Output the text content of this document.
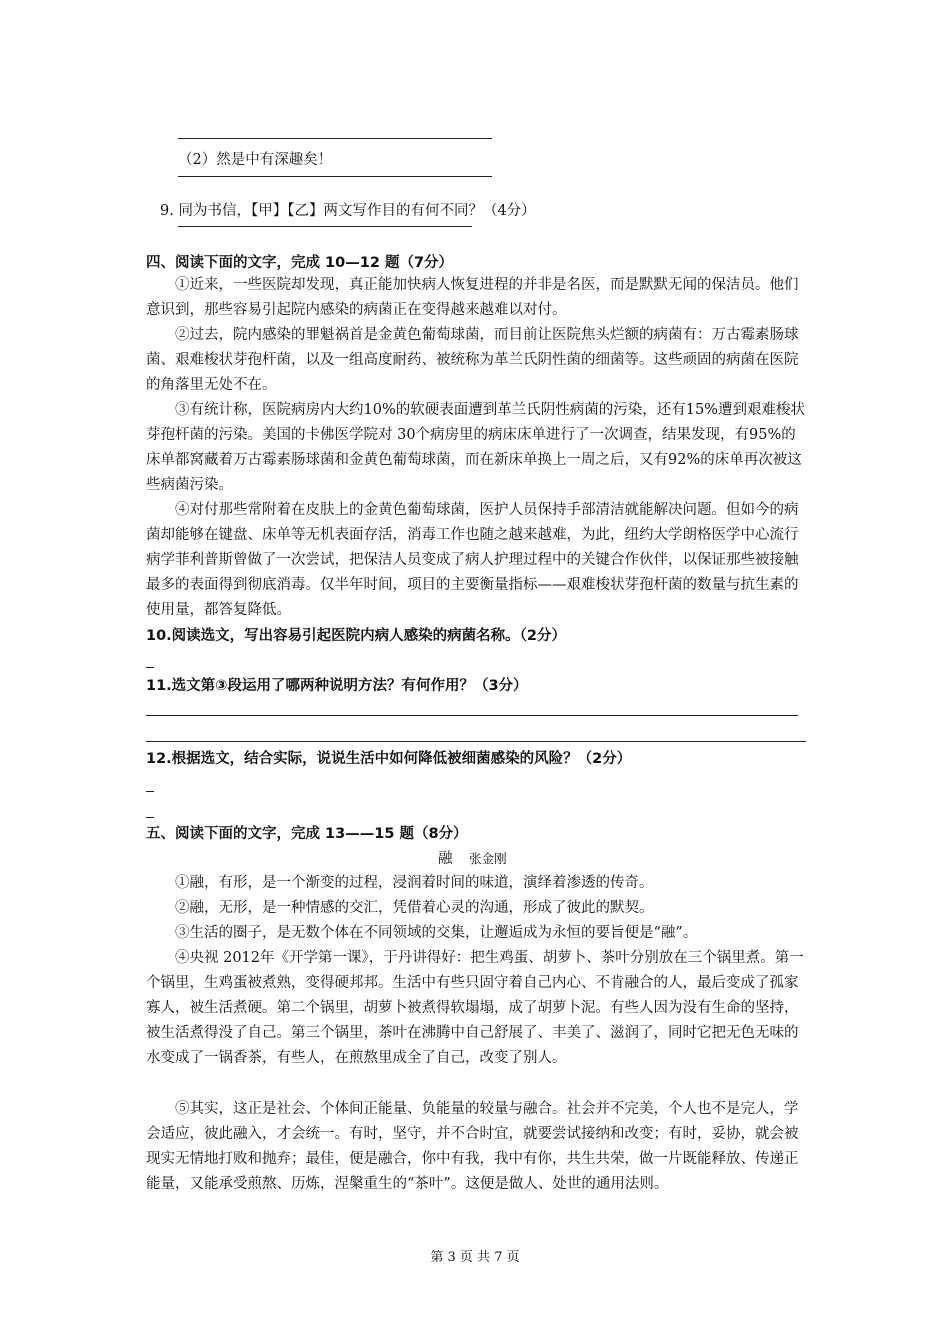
（2）然是中有深趣矣！
9. 同为书信，【甲】【乙】两文写作目的有何不同？（4分）
四、阅读下面的文字，完成 10—12 题（7分）
①近来，一些医院却发现，真正能加快病人恢复进程的并非是名医，而是默默无闻的保洁员。他们意识到，那些容易引起院内感染的病菌正在变得越来越难以对付。
②过去，院内感染的罪魁祸首是金黄色葡萄球菌，而目前让医院焦头烂额的病菌有：万古霉素肠球菌、艰难梭状芽孢杆菌，以及一组高度耐药、被统称为革兰氏阴性菌的细菌等。这些顽固的病菌在医院的角落里无处不在。
③有统计称，医院病房内大约10%的软硬表面遭到革兰氏阴性病菌的污染，还有15%遭到艰难梭状芽孢杆菌的污染。美国的卡佛医学院对 30个病房里的病床床单进行了一次调查，结果发现，有95%的床单都窝藏着万古霉素肠球菌和金黄色葡萄球菌，而在新床单换上一周之后，又有92%的床单再次被这些病菌污染。
④对付那些常附着在皮肤上的金黄色葡萄球菌，医护人员保持手部清洁就能解决问题。但如今的病菌却能够在键盘、床单等无机表面存活，消毒工作也随之越来越难，为此，纽约大学朗格医学中心流行病学菲利普斯曾做了一次尝试，把保洁人员变成了病人护理过程中的关键合作伙伴，以保证那些被接触最多的表面得到彻底消毒。仅半年时间，项目的主要衡量指标——艰难梭状芽孢杆菌的数量与抗生素的使用量，都答复降低。
10.阅读选文，写出容易引起医院内病人感染的病菌名称。（2分）
11.选文第③段运用了哪两种说明方法？有何作用？（3分）
12.根据选文，结合实际，说说生活中如何降低被细菌感染的风险？（2分）
五、阅读下面的文字，完成 13——15 题（8分）
融 张金刚
①融，有形，是一个渐变的过程，浸润着时间的味道，演绎着渗透的传奇。
②融，无形，是一种情感的交汇，凭借着心灵的沟通，形成了彼此的默契。
③生活的圈子，是无数个体在不同领域的交集，让邂逅成为永恒的要旨便是“融”。
④央视 2012年《开学第一课》，于丹讲得好：把生鸡蛋、胡萝卜、茶叶分别放在三个锅里煮。第一个锅里，生鸡蛋被煮熟，变得硬邦邦。生活中有些只固守着自己内心、不肯融合的人，最后变成了孤家寡人，被生活煮硬。第二个锅里，胡萝卜被煮得软塌塌，成了胡萝卜泥。有些人因为没有生命的坚持，被生活煮得没了自己。第三个锅里，茶叶在沸腾中自己舒展了、丰美了、滋润了，同时它把无色无味的水变成了一锅香茶，有些人，在煎熬里成全了自己，改变了别人。
⑤其实，这正是社会、个体间正能量、负能量的较量与融合。社会并不完美，个人也不是完人，学会适应，彼此融入，才会统一。有时，坚守，并不合时宜，就要尝试接纳和改变；有时，妥协，就会被现实无情地打败和抛弃；最佳，便是融合，你中有我，我中有你，共生共荣，做一片既能释放、传递正能量，又能承受煎熬、历炼，涅槃重生的“茶叶”。这便是做人、处世的通用法则。
第 3 页 共 7 页
